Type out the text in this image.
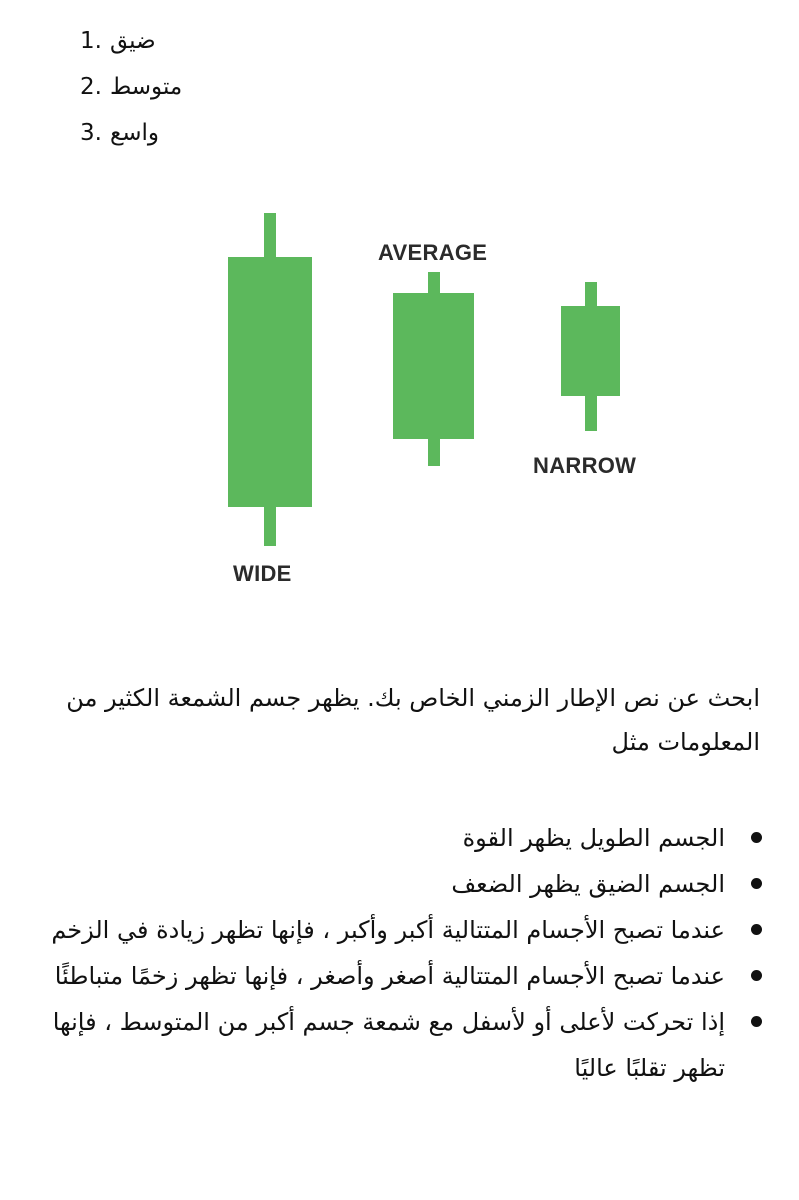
1. ضيق
2. متوسط
3. واسع
WIDE
AVERAGE
NARROW
ابحث عن نص الإطار الزمني الخاص بك. يظهر جسم الشمعة الكثير من المعلومات مثل
الجسم الطويل يظهر القوة
الجسم الضيق يظهر الضعف
عندما تصبح الأجسام المتتالية أكبر وأكبر ، فإنها تظهر زيادة في الزخم
عندما تصبح الأجسام المتتالية أصغر وأصغر ، فإنها تظهر زخمًا متباطئًا
إذا تحركت لأعلى أو لأسفل مع شمعة جسم أكبر من المتوسط ، فإنها تظهر تقلبًا عاليًا
